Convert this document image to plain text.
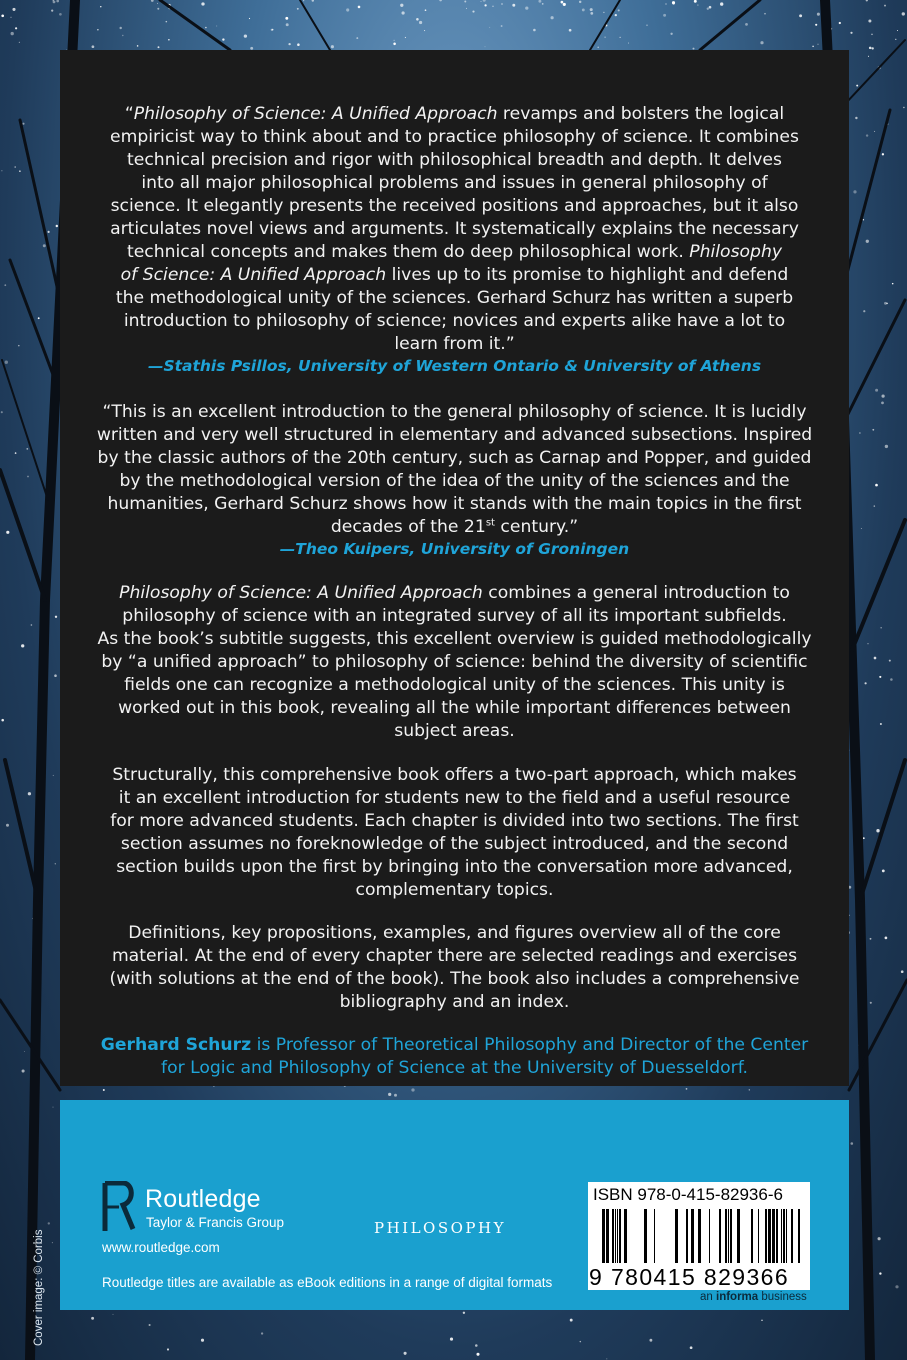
“Philosophy of Science: A Unified Approach revamps and bolsters the logical

empiricist way to think about and to practice philosophy of science. It combines

technical precision and rigor with philosophical breadth and depth. It delves

into all major philosophical problems and issues in general philosophy of

science. It elegantly presents the received positions and approaches, but it also

articulates novel views and arguments. It systematically explains the necessary

technical concepts and makes them do deep philosophical work. Philosophy

of Science: A Unified Approach lives up to its promise to highlight and defend

the methodological unity of the sciences. Gerhard Schurz has written a superb

introduction to philosophy of science; novices and experts alike have a lot to

learn from it.”

—Stathis Psillos, University of Western Ontario & University of Athens

“This is an excellent introduction to the general philosophy of science. It is lucidly

written and very well structured in elementary and advanced subsections. Inspired

by the classic authors of the 20th century, such as Carnap and Popper, and guided

by the methodological version of the idea of the unity of the sciences and the

humanities, Gerhard Schurz shows how it stands with the main topics in the first

decades of the 21st century.”

—Theo Kuipers, University of Groningen

Philosophy of Science: A Unified Approach combines a general introduction to

philosophy of science with an integrated survey of all its important subfields.

As the book’s subtitle suggests, this excellent overview is guided methodologically

by “a unified approach” to philosophy of science: behind the diversity of scientific

fields one can recognize a methodological unity of the sciences. This unity is

worked out in this book, revealing all the while important differences between

subject areas.

Structurally, this comprehensive book offers a two-part approach, which makes

it an excellent introduction for students new to the field and a useful resource

for more advanced students. Each chapter is divided into two sections. The first

section assumes no foreknowledge of the subject introduced, and the second

section builds upon the first by bringing into the conversation more advanced,

complementary topics.

Definitions, key propositions, examples, and figures overview all of the core

material. At the end of every chapter there are selected readings and exercises

(with solutions at the end of the book). The book also includes a comprehensive

bibliography and an index.

Gerhard Schurz is Professor of Theoretical Philosophy and Director of the Center

for Logic and Philosophy of Science at the University of Duesseldorf.

Routledge
Taylor & Francis Group
www.routledge.com
PHILOSOPHY
Routledge titles are available as eBook editions in a range of digital formats
ISBN 978-0-415-82936-6
9 780415 829366
an informa business
Cover image: © Corbis
